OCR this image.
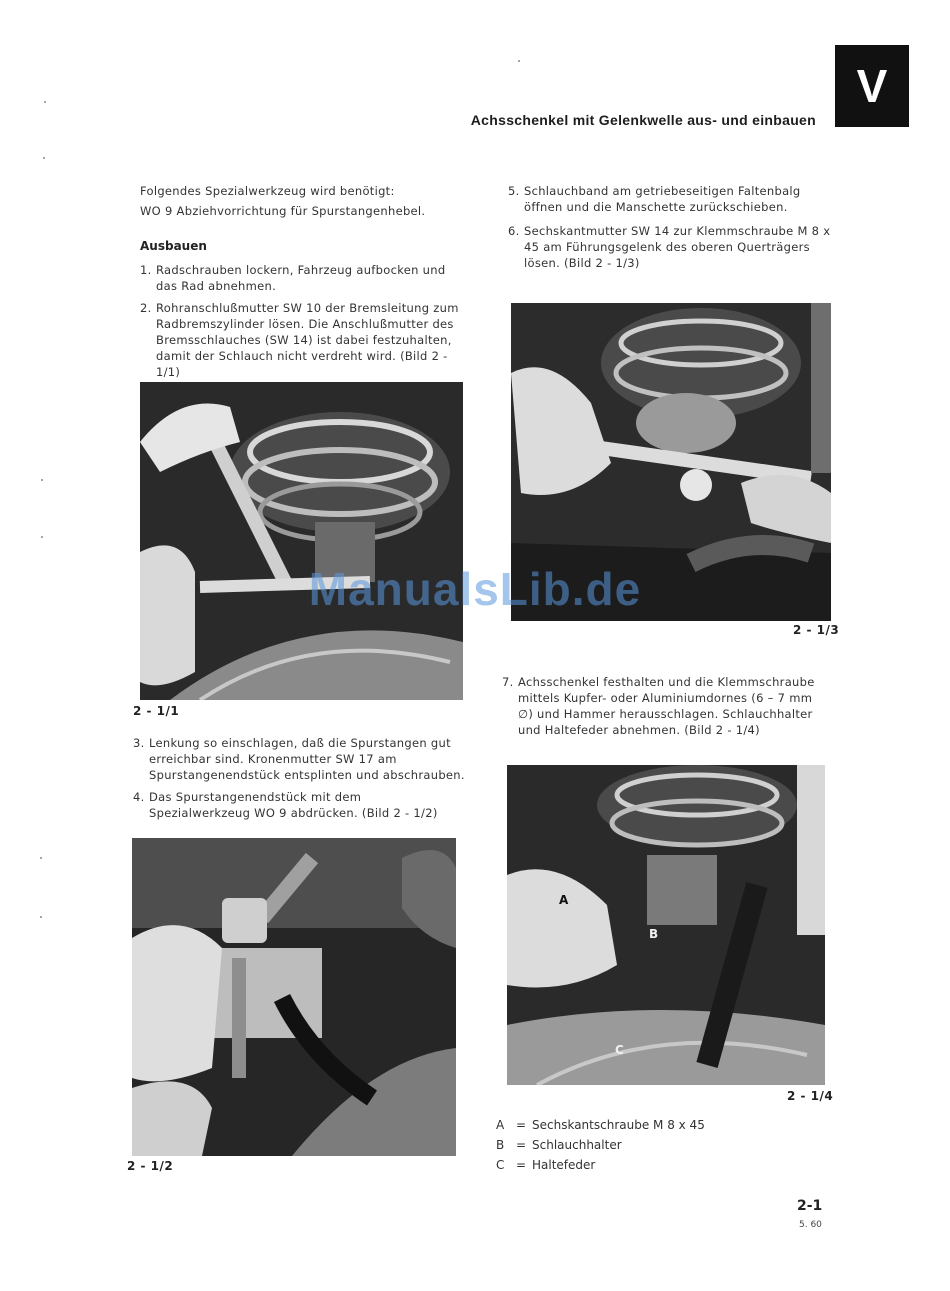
V
Achsschenkel mit Gelenkwelle aus- und einbauen
Folgendes Spezialwerkzeug wird benötigt:
WO 9 Abziehvorrichtung für Spurstangenhebel.
Ausbauen
1. Radschrauben lockern, Fahrzeug aufbocken und das Rad abnehmen.
2. Rohranschlußmutter SW 10 der Bremsleitung zum Radbremszylinder lösen. Die Anschlußmutter des Bremsschlauches (SW 14) ist dabei festzuhalten, damit der Schlauch nicht verdreht wird. (Bild 2 - 1/1)
2 - 1/1
3. Lenkung so einschlagen, daß die Spurstangen gut erreichbar sind. Kronenmutter SW 17 am Spurstangenendstück entsplinten und abschrauben.
4. Das Spurstangenendstück mit dem Spezialwerkzeug WO 9 abdrücken. (Bild 2 - 1/2)
2 - 1/2
5. Schlauchband am getriebeseitigen Faltenbalg öffnen und die Manschette zurückschieben.
6. Sechskantmutter SW 14 zur Klemmschraube M 8 x 45 am Führungsgelenk des oberen Querträgers lösen. (Bild 2 - 1/3)
2 - 1/3
7. Achsschenkel festhalten und die Klemmschraube mittels Kupfer- oder Aluminiumdornes (6 – 7 mm ∅) und Hammer herausschlagen. Schlauchhalter und Haltefeder abnehmen. (Bild 2 - 1/4)
A
B
C
2 - 1/4
A = Sechskantschraube M 8 x 45
B = Schlauchhalter
C = Haltefeder
ManualsLib.de
2-1
5. 60
